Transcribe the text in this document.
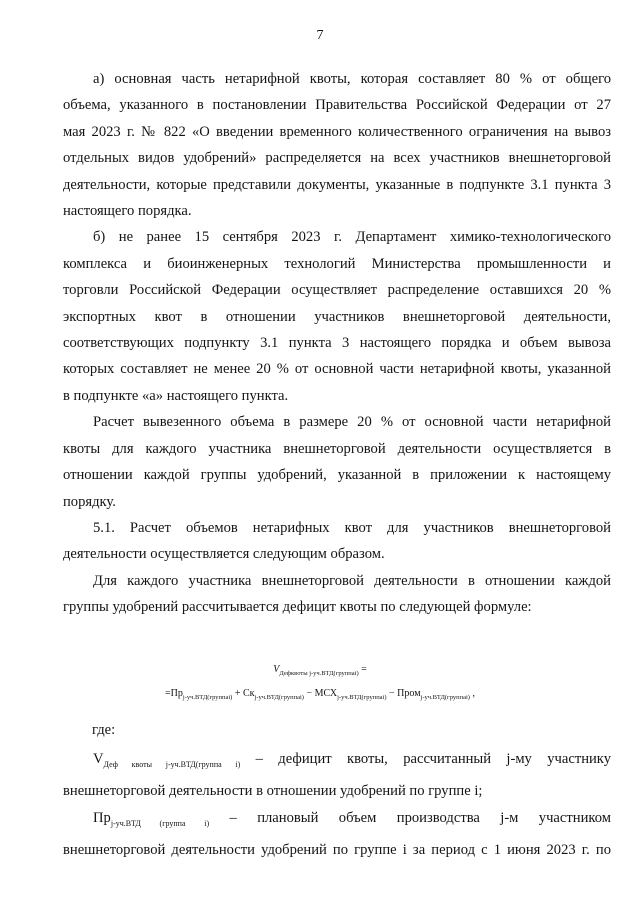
7

а) основная часть нетарифной квоты, которая составляет 80 % от общего

объема, указанного в постановлении Правительства Российской Федерации от 27

мая 2023 г. № 822 «О введении временного количественного ограничения на вывоз

отдельных видов удобрений» распределяется на всех участников внешнеторговой

деятельности, которые представили документы, указанные в подпункте 3.1 пункта 3

настоящего порядка.

б) не ранее 15 сентября 2023 г. Департамент химико-технологического

комплекса и биоинженерных технологий Министерства промышленности и

торговли Российской Федерации осуществляет распределение оставшихся 20 %

экспортных квот в отношении участников внешнеторговой деятельности,

соответствующих подпункту 3.1 пункта 3 настоящего порядка и объем вывоза

которых составляет не менее 20 % от основной части нетарифной квоты, указанной

в подпункте «а» настоящего пункта.

Расчет вывезенного объема в размере 20 % от основной части нетарифной

квоты для каждого участника внешнеторговой деятельности осуществляется в

отношении каждой группы удобрений, указанной в приложении к настоящему

порядку.

5.1. Расчет объемов нетарифных квот для участников внешнеторговой

деятельности осуществляется следующим образом.

Для каждого участника внешнеторговой деятельности в отношении каждой

группы удобрений рассчитывается дефицит квоты по следующей формуле:

$V_{Дефквоты j-уч.ВТД(группаi)}$ =
$=Пр_{j-уч.ВТД(группаi)} + Ск_{j-уч.ВТД(группаi)} - МСХ_{j-уч.ВТД(группаi)}$ − Пром$_{j-уч.ВТД(группаi)}$ ,
где:

$V_{Деф квоты j-уч.ВТД(группа i)}$ – дефицит квоты, рассчитанный j-му участнику

внешнеторговой деятельности в отношении удобрений по группе i;

$Пр_{j-уч.ВТД (группа i)}$ – плановый объем производства j-м участником

внешнеторговой деятельности удобрений по группе i за период с 1 июня 2023 г. по
